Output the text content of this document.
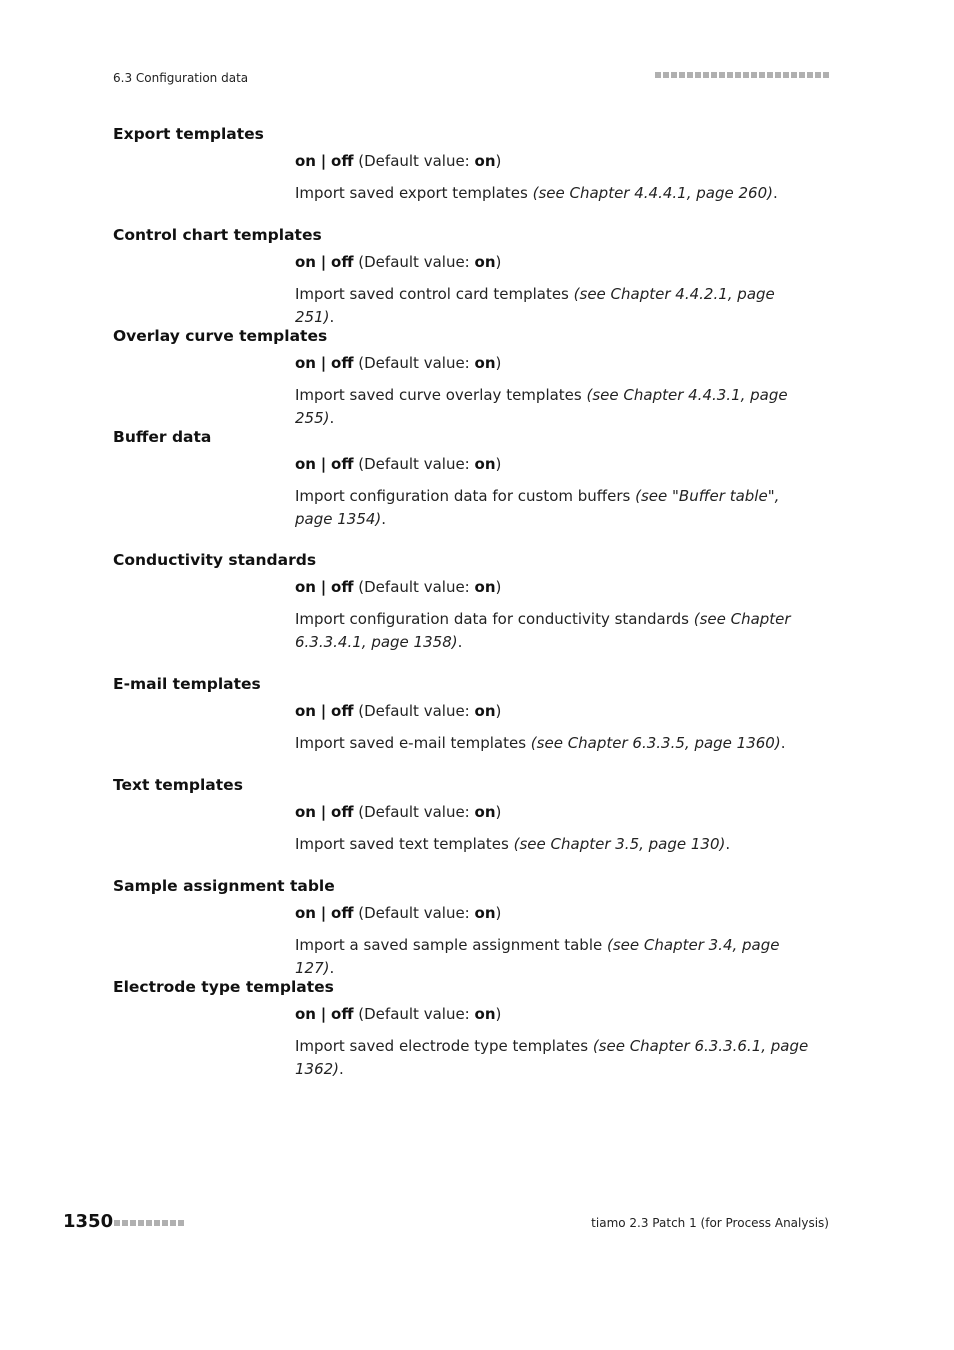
6.3 Configuration data
Export templates
on | off (Default value: on)
Import saved export templates (see Chapter 4.4.4.1, page 260).
Control chart templates
on | off (Default value: on)
Import saved control card templates (see Chapter 4.4.2.1, page 251).
Overlay curve templates
on | off (Default value: on)
Import saved curve overlay templates (see Chapter 4.4.3.1, page 255).
Buffer data
on | off (Default value: on)
Import configuration data for custom buffers (see "Buffer table", page 1354).
Conductivity standards
on | off (Default value: on)
Import configuration data for conductivity standards (see Chapter 6.3.3.4.1, page 1358).
E-mail templates
on | off (Default value: on)
Import saved e-mail templates (see Chapter 6.3.3.5, page 1360).
Text templates
on | off (Default value: on)
Import saved text templates (see Chapter 3.5, page 130).
Sample assignment table
on | off (Default value: on)
Import a saved sample assignment table (see Chapter 3.4, page 127).
Electrode type templates
on | off (Default value: on)
Import saved electrode type templates (see Chapter 6.3.3.6.1, page 1362).
1350	tiamo 2.3 Patch 1 (for Process Analysis)
